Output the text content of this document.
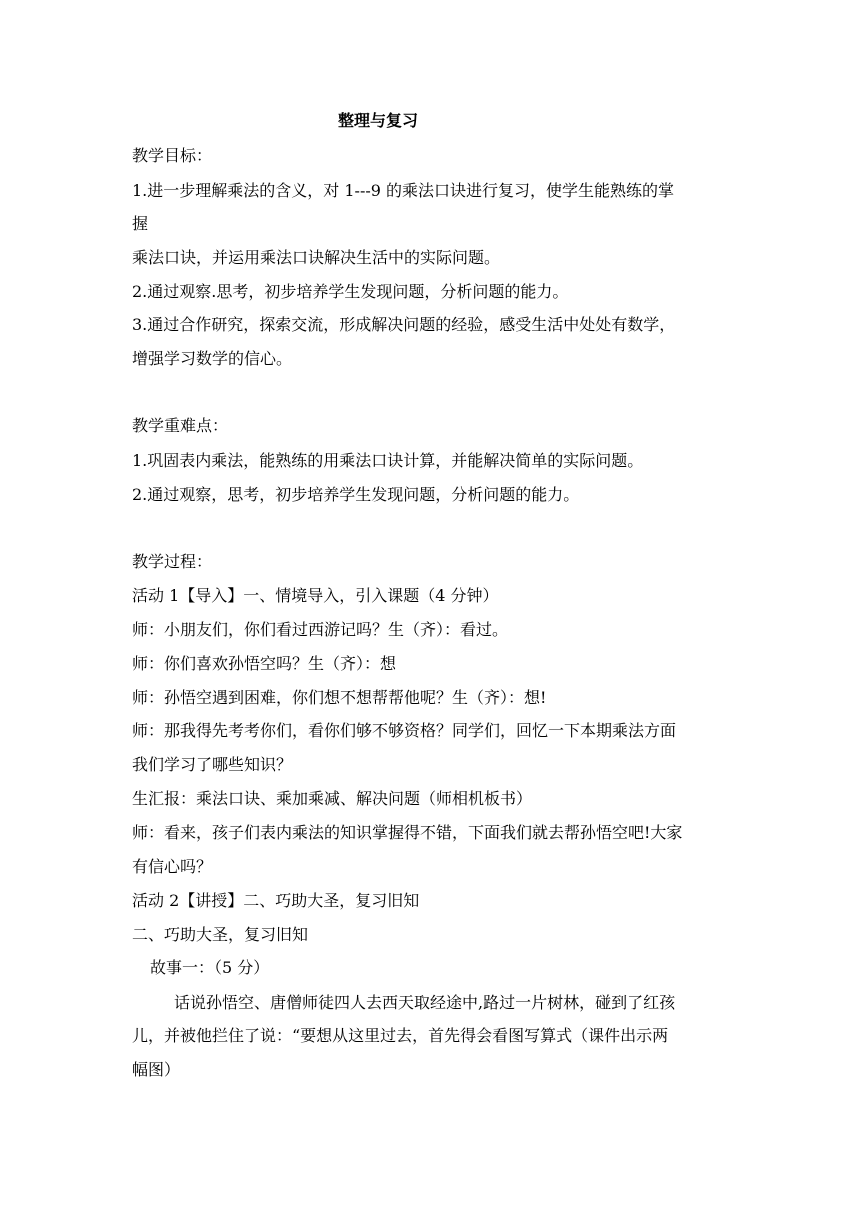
整理与复习
教学目标：
1.进一步理解乘法的含义，对 1---9 的乘法口诀进行复习，使学生能熟练的掌
握
乘法口诀，并运用乘法口诀解决生活中的实际问题。
2.通过观察.思考，初步培养学生发现问题，分析问题的能力。
3.通过合作研究，探索交流，形成解决问题的经验，感受生活中处处有数学，
增强学习数学的信心。
教学重难点：
1.巩固表内乘法，能熟练的用乘法口诀计算，并能解决简单的实际问题。
2.通过观察，思考，初步培养学生发现问题，分析问题的能力。
教学过程：
活动 1【导入】一、情境导入，引入课题（4 分钟）
师：小朋友们，你们看过西游记吗？生（齐）：看过。
师：你们喜欢孙悟空吗？生（齐）：想
师：孙悟空遇到困难，你们想不想帮帮他呢？生（齐）：想!
师：那我得先考考你们，看你们够不够资格？同学们，回忆一下本期乘法方面
我们学习了哪些知识？
生汇报：乘法口诀、乘加乘减、解决问题（师相机板书）
师：看来，孩子们表内乘法的知识掌握得不错，下面我们就去帮孙悟空吧!大家
有信心吗？
活动 2【讲授】二、巧助大圣，复习旧知
二、巧助大圣，复习旧知
故事一：（5 分）
话说孙悟空、唐僧师徒四人去西天取经途中,路过一片树林，碰到了红孩
儿，并被他拦住了说：“要想从这里过去，首先得会看图写算式（课件出示两
幅图）
